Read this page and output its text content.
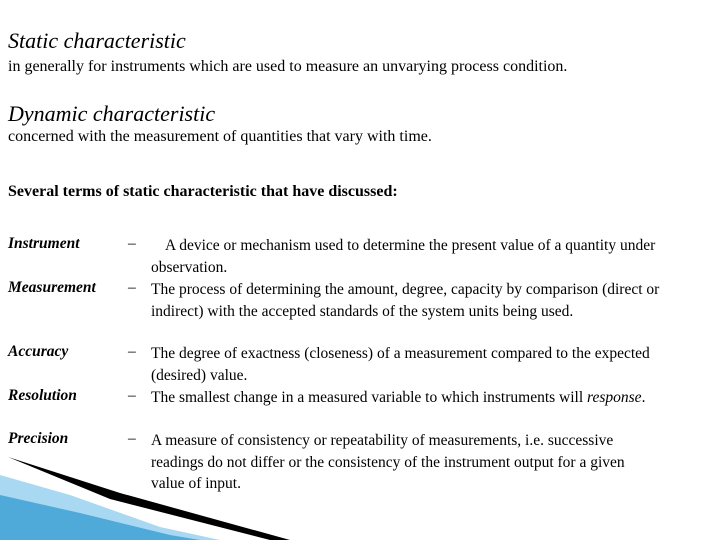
Static characteristic

in generally for instruments which are used to measure an unvarying process condition.

Dynamic characteristic

concerned with the measurement of quantities that vary with time.

Several terms of static characteristic that have discussed:

Instrument	–	A device or mechanism used to determine the present value of a quantity under observation.
Measurement – The process of determining the amount, degree, capacity by comparison (direct or indirect) with the accepted standards of the system units being used.
Accuracy	– The degree of exactness (closeness) of a measurement compared to the expected (desired) value.
Resolution	– The smallest change in a measured variable to which instruments will response.
Precision	– A measure of consistency or repeatability of measurements, i.e. successive readings do not differ or the consistency of the instrument output for a given value of input.
